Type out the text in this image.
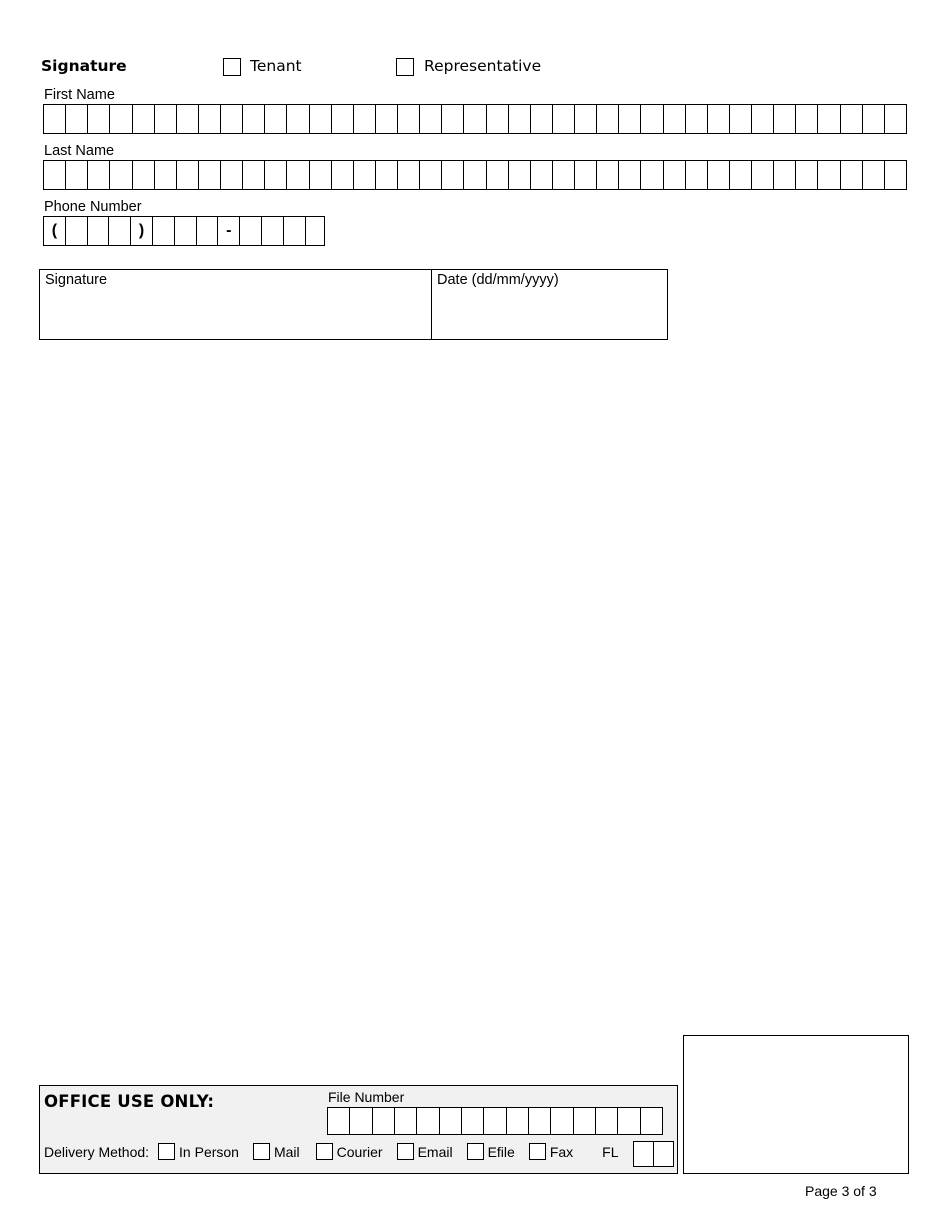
Signature	Tenant	Representative
First Name
Last Name
Phone Number
(	)	-
Signature	Date (dd/mm/yyyy)
OFFICE USE ONLY:	File Number
Delivery Method: In Person	Mail	Courier	Email	Efile	Fax FL
Page 3 of 3
